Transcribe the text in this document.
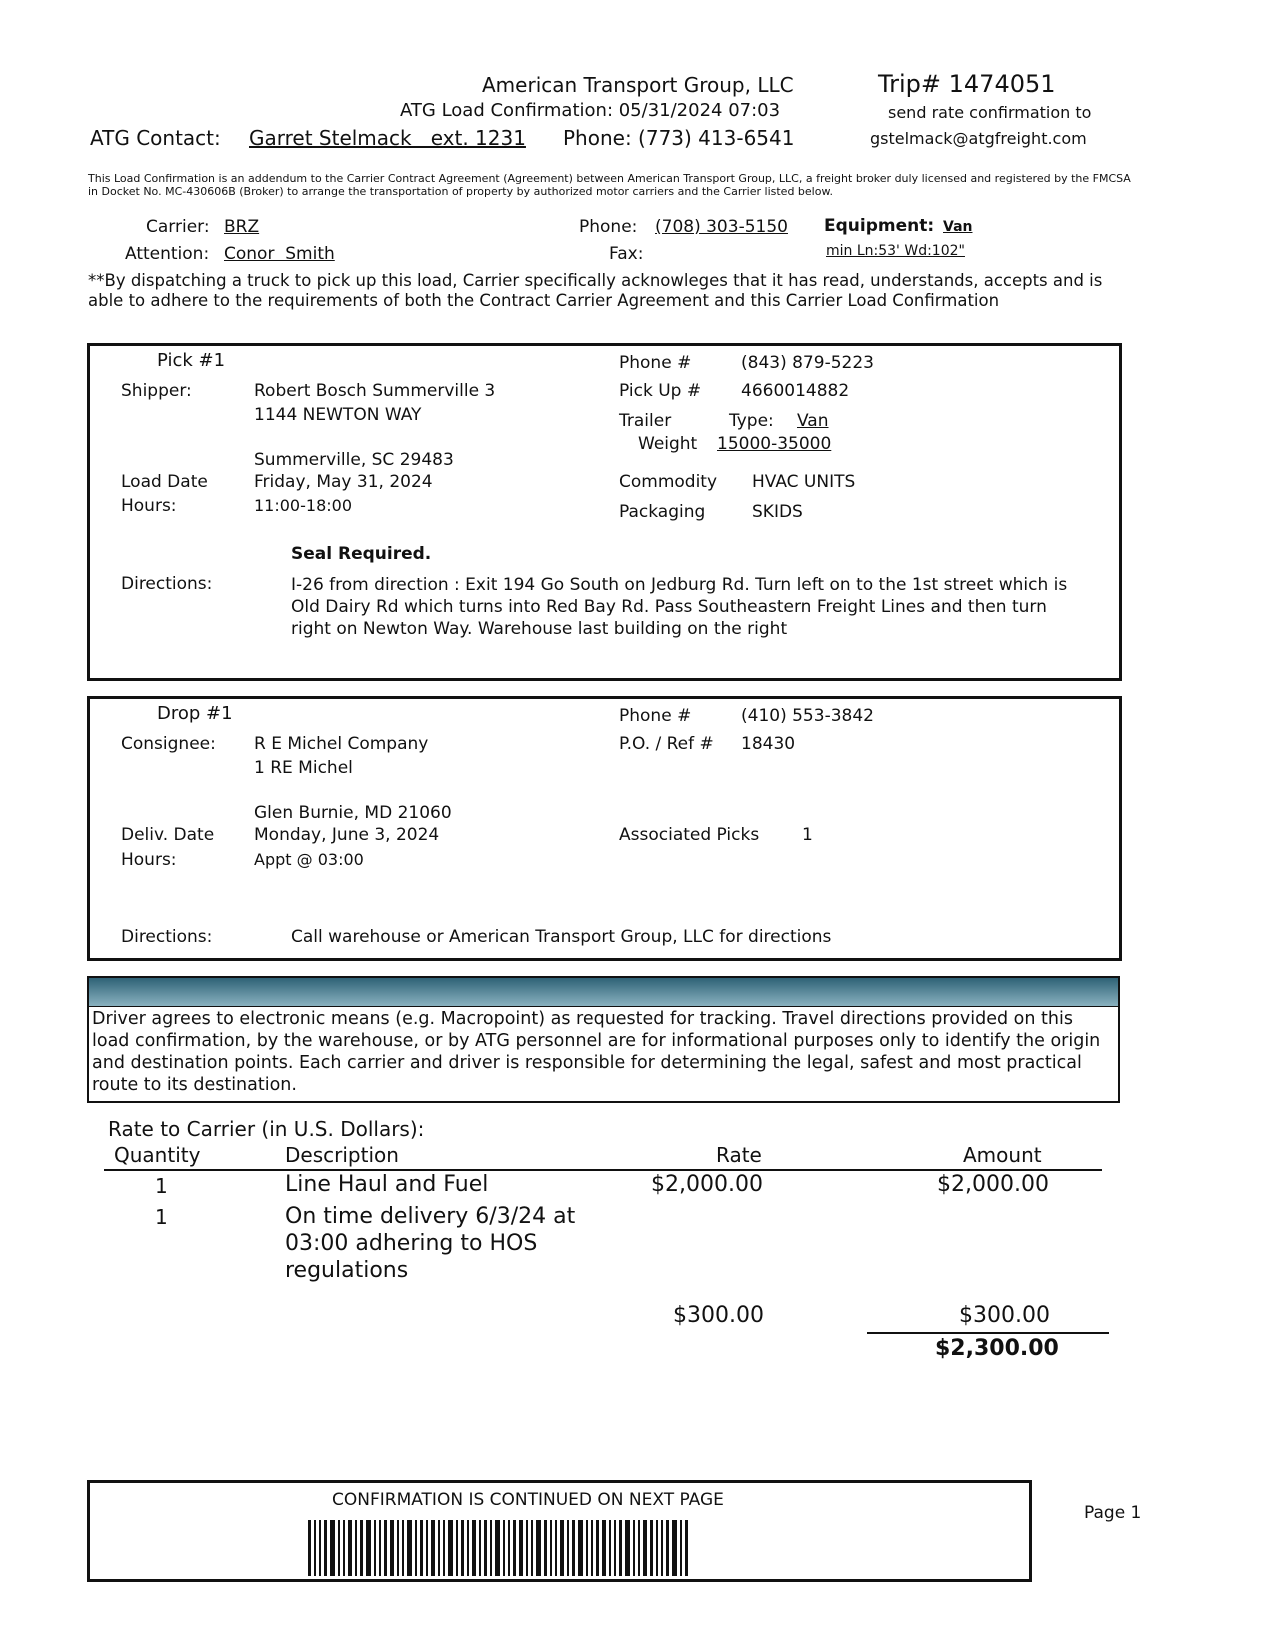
American Transport Group, LLC	Trip# 1474051
ATG Load Confirmation: 05/31/2024 07:03	send rate confirmation to
ATG Contact: Garret Stelmack   ext. 1231 Phone: (773) 413-6541	gstelmack@atgfreight.com
This Load Confirmation is an addendum to the Carrier Contract Agreement (Agreement) between American Transport Group, LLC, a freight broker duly licensed and registered by the FMCSA in Docket No. MC-430606B (Broker) to arrange the transportation of property by authorized motor carriers and the Carrier listed below.
Carrier: BRZ
Attention: Conor  Smith
Phone: (708) 303-5150
Fax:
Equipment: Van
min Ln:53' Wd:102"
**By dispatching a truck to pick up this load, Carrier specifically acknowleges that it has read, understands, accepts and is able to adhere to the requirements of both the Contract Carrier Agreement and this Carrier Load Confirmation
Pick #1
Shipper:	Robert Bosch Summerville 3
1144 NEWTON WAY
Summerville, SC 29483
Load Date	Friday, May 31, 2024
Hours:	11:00-18:00
Phone #	(843) 879-5223
Pick Up # 4660014882
Trailer	Type: Van
Weight 15000-35000
Commodity HVAC UNITS
Packaging	SKIDS
Seal Required.
Directions:	I-26 from direction : Exit 194 Go South on Jedburg Rd. Turn left on to the 1st street which is Old Dairy Rd which turns into Red Bay Rd. Pass Southeastern Freight Lines and then turn right on Newton Way. Warehouse last building on the right
Drop #1
Consignee: R E Michel Company
1 RE Michel
Glen Burnie, MD 21060
Deliv. Date Monday, June 3, 2024
Hours:	Appt @ 03:00
Phone #	(410) 553-3842
P.O. / Ref # 18430
Associated Picks	1
Directions:	Call warehouse or American Transport Group, LLC for directions
Driver agrees to electronic means (e.g. Macropoint) as requested for tracking. Travel directions provided on this load confirmation, by the warehouse, or by ATG personnel are for informational purposes only to identify the origin and destination points. Each carrier and driver is responsible for determining the legal, safest and most practical route to its destination.
Rate to Carrier (in U.S. Dollars):
Quantity	Description	Rate	Amount
1	Line Haul and Fuel	$2,000.00	$2,000.00
1	On time delivery 6/3/24 at 03:00 adhering to HOS regulations
$300.00	$300.00
$2,300.00
CONFIRMATION IS CONTINUED ON NEXT PAGE
Page 1
